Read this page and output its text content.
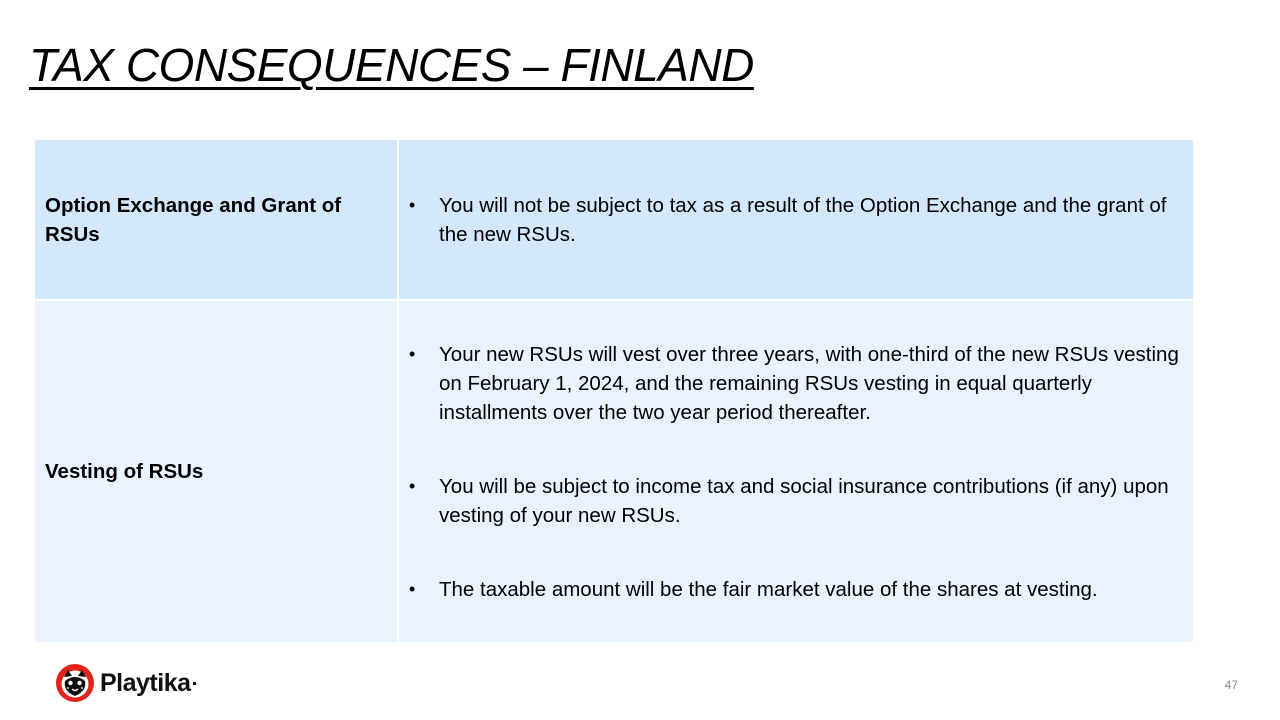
TAX CONSEQUENCES – FINLAND
Option Exchange and Grant of RSUs
• You will not be subject to tax as a result of the Option Exchange and the grant of the new RSUs.
Vesting of RSUs
• Your new RSUs will vest over three years, with one-third of the new RSUs vesting on February 1, 2024, and the remaining RSUs vesting in equal quarterly installments over the two year period thereafter.
• You will be subject to income tax and social insurance contributions (if any) upon vesting of your new RSUs.
• The taxable amount will be the fair market value of the shares at vesting.
Playtika	47
